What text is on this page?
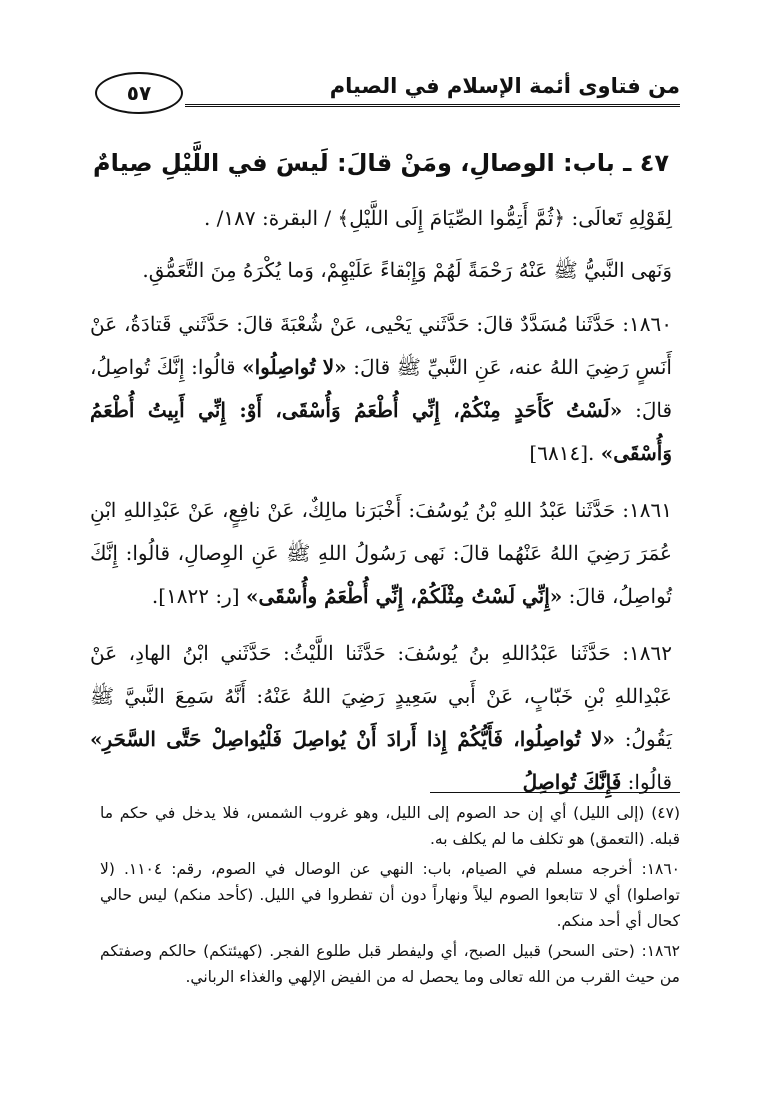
من فتاوى أئمة الإسلام في الصيام
٥٧
٤٧ ـ باب: الوصالِ، ومَنْ قالَ: لَيسَ في اللَّيْلِ صِيامٌ

لِقَوْلِهِ تَعالَى: ﴿ثُمَّ أَتِمُّوا الصِّيَامَ إِلَى اللَّيْلِ﴾ / البقرة: ١٨٧/ .

وَنَهى النَّبيُّ ﷺ عَنْهُ رَحْمَةً لَهُمْ وَإِبْقاءً عَلَيْهِمْ، وَما يُكْرَهُ مِنَ التَّعَمُّقِ.

١٨٦٠: حَدَّثَنا مُسَدَّدٌ قالَ: حَدَّثَني يَحْيى، عَنْ شُعْبَةَ قالَ: حَدَّثَني قَتادَةُ، عَنْ أَنَسٍ رَضِيَ اللهُ عنه، عَنِ النَّبيِّ ﷺ قالَ: «لا تُواصِلُوا» قالُوا: إِنَّكَ تُواصِلُ، قالَ: «لَسْتُ كَأَحَدٍ مِنْكُمْ، إِنِّي أُطْعَمُ وَأُسْقَى، أَوْ: إِنِّي أَبِيتُ أُطْعَمُ وَأُسْقَى» .[٦٨١٤]

١٨٦١: حَدَّثَنا عَبْدُ اللهِ بْنُ يُوسُفَ: أَخْبَرَنا مالِكٌ، عَنْ نافِعٍ، عَنْ عَبْدِاللهِ ابْنِ عُمَرَ رَضِيَ اللهُ عَنْهُما قالَ: نَهى رَسُولُ اللهِ ﷺ عَنِ الوِصالِ، قالُوا: إِنَّكَ تُواصِلُ، قالَ: «إِنِّي لَسْتُ مِثْلَكُمْ، إِنِّي أُطْعَمُ وأُسْقَى» [ر: ١٨٢٢].

١٨٦٢: حَدَّثَنا عَبْدُاللهِ بنُ يُوسُفَ: حَدَّثَنا اللَّيْثُ: حَدَّثَني ابْنُ الهادِ، عَنْ عَبْدِاللهِ بْنِ خَبّابٍ، عَنْ أَبي سَعِيدٍ رَضِيَ اللهُ عَنْهُ: أَنَّهُ سَمِعَ النَّبيَّ ﷺ يَقُولُ: «لا تُواصِلُوا، فَأَيُّكُمْ إِذا أَرادَ أَنْ يُواصِلَ فَلْيُواصِلْ حَتَّى السَّحَرِ» قالُوا: فَإِنَّكَ تُواصِلُ

(٤٧) (إلى الليل) أي إن حد الصوم إلى الليل، وهو غروب الشمس، فلا يدخل في حكم ما قبله. (التعمق) هو تكلف ما لم يكلف به.

١٨٦٠: أخرجه مسلم في الصيام، باب: النهي عن الوصال في الصوم، رقم: ١١٠٤. (لا تواصلوا) أي لا تتابعوا الصوم ليلاً ونهاراً دون أن تفطروا في الليل. (كأحد منكم) ليس حالي كحال أي أحد منكم.

١٨٦٢: (حتى السحر) قبيل الصبح، أي وليفطر قبل طلوع الفجر. (كهيئتكم) حالكم وصفتكم من حيث القرب من الله تعالى وما يحصل له من الفيض الإلهي والغذاء الرباني.
